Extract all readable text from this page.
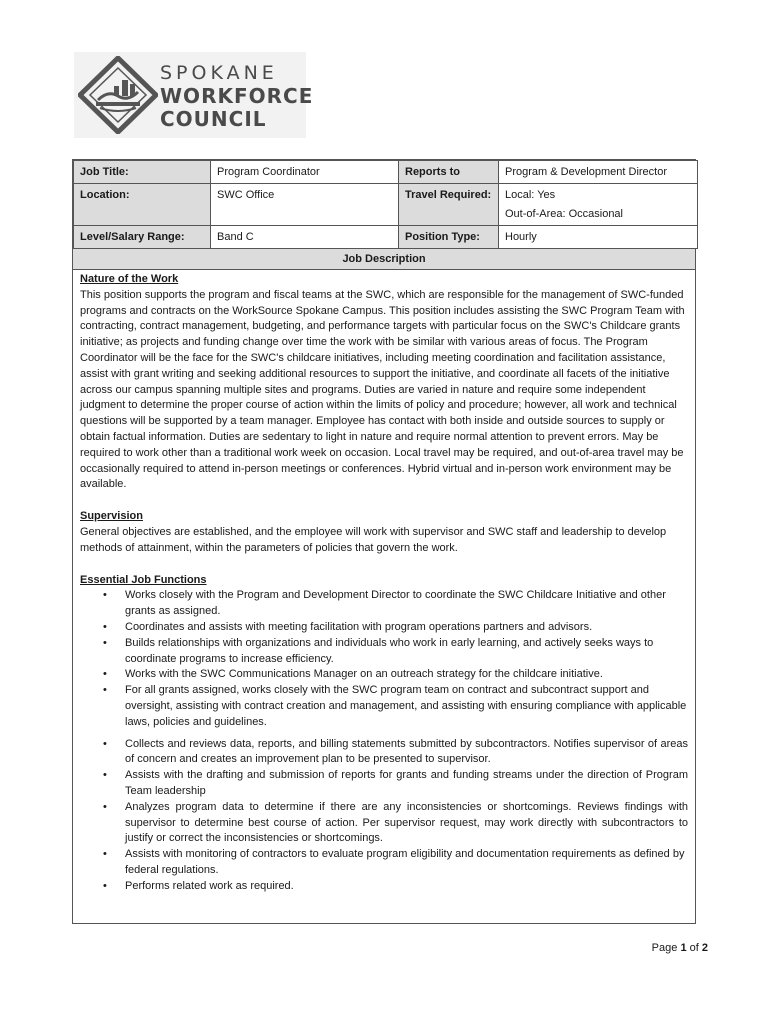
SPOKANE
WORKFORCE
COUNCIL
Job Title:	Program Coordinator	Reports to	Program & Development Director
Location:	SWC Office	Travel Required:	Local: Yes
Out-of-Area: Occasional

Level/Salary Range:	Band C	Position Type:	Hourly
Job Description

Nature of the Work

This position supports the program and fiscal teams at the SWC, which are responsible for the management of SWC-funded programs and contracts on the WorkSource Spokane Campus. This position includes assisting the SWC Program Team with contracting, contract management, budgeting, and performance targets with particular focus on the SWC's Childcare grants initiative; as projects and funding change over time the work with be similar with various areas of focus. The Program Coordinator will be the face for the SWC's childcare initiatives, including meeting coordination and facilitation assistance, assist with grant writing and seeking additional resources to support the initiative, and coordinate all facets of the initiative across our campus spanning multiple sites and programs. Duties are varied in nature and require some independent judgment to determine the proper course of action within the limits of policy and procedure; however, all work and technical questions will be supported by a team manager. Employee has contact with both inside and outside sources to supply or obtain factual information. Duties are sedentary to light in nature and require normal attention to prevent errors. May be required to work other than a traditional work week on occasion. Local travel may be required, and out-of-area travel may be occasionally required to attend in-person meetings or conferences. Hybrid virtual and in-person work environment may be available.

Supervision

General objectives are established, and the employee will work with supervisor and SWC staff and leadership to develop methods of attainment, within the parameters of policies that govern the work.

Essential Job Functions

• Works closely with the Program and Development Director to coordinate the SWC Childcare Initiative and other grants as assigned.
• Coordinates and assists with meeting facilitation with program operations partners and advisors.
• Builds relationships with organizations and individuals who work in early learning, and actively seeks ways to coordinate programs to increase efficiency.
• Works with the SWC Communications Manager on an outreach strategy for the childcare initiative.
• For all grants assigned, works closely with the SWC program team on contract and subcontract support and oversight, assisting with contract creation and management, and assisting with ensuring compliance with applicable laws, policies and guidelines.
• Collects and reviews data, reports, and billing statements submitted by subcontractors. Notifies supervisor of areas of concern and creates an improvement plan to be presented to supervisor.
• Assists with the drafting and submission of reports for grants and funding streams under the direction of Program Team leadership
• Analyzes program data to determine if there are any inconsistencies or shortcomings. Reviews findings with supervisor to determine best course of action. Per supervisor request, may work directly with subcontractors to justify or correct the inconsistencies or shortcomings.
• Assists with monitoring of contractors to evaluate program eligibility and documentation requirements as defined by federal regulations.
• Performs related work as required.
Page 1 of 2
